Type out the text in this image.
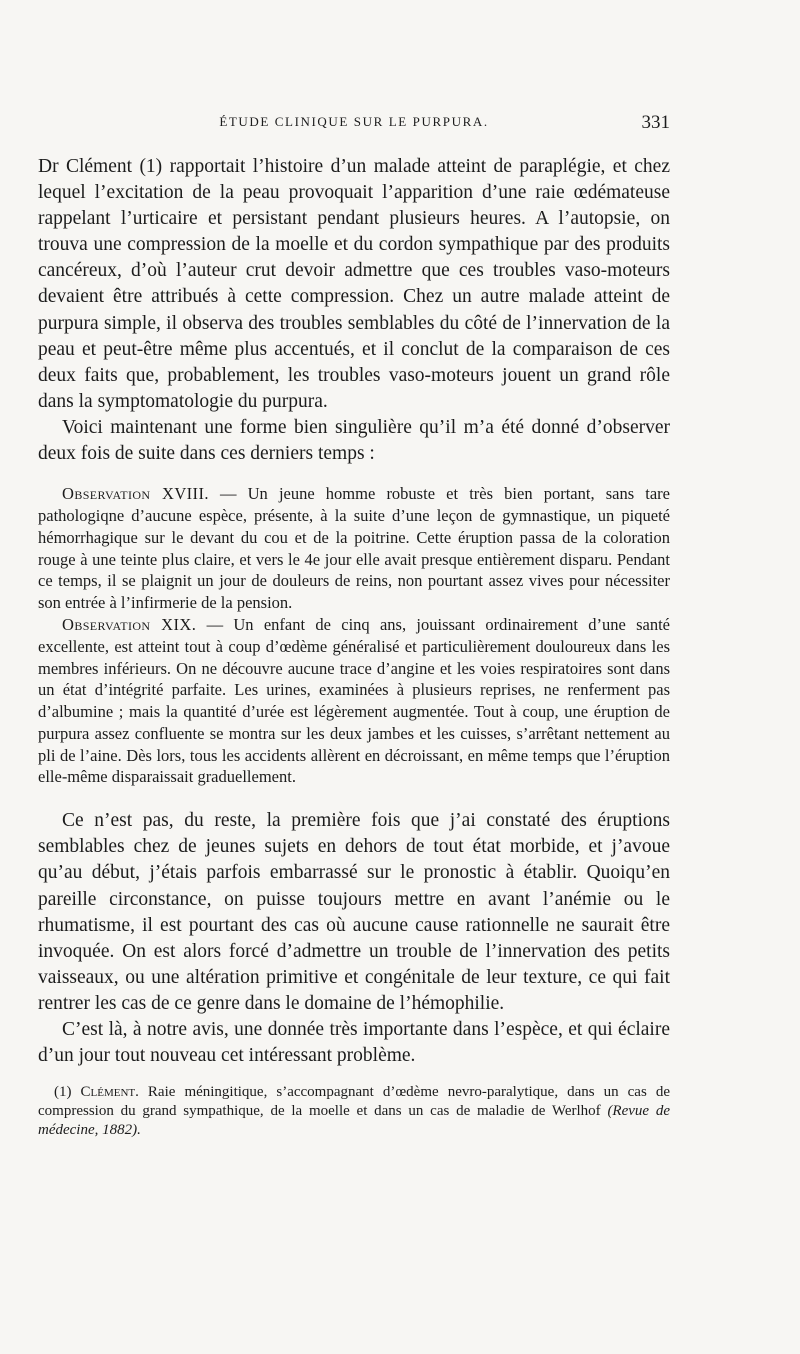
ÉTUDE CLINIQUE SUR LE PURPURA.	331

Dr Clément (1) rapportait l’histoire d’un malade atteint de paraplégie, et chez lequel l’excitation de la peau provoquait l’apparition d’une raie œdémateuse rappelant l’urticaire et persistant pendant plusieurs heures. A l’autopsie, on trouva une compression de la moelle et du cordon sympathique par des produits cancéreux, d’où l’auteur crut devoir admettre que ces troubles vaso-moteurs devaient être attribués à cette compression. Chez un autre malade atteint de purpura simple, il observa des troubles semblables du côté de l’innervation de la peau et peut-être même plus accentués, et il conclut de la comparaison de ces deux faits que, probablement, les troubles vaso-moteurs jouent un grand rôle dans la symptomatologie du purpura.

Voici maintenant une forme bien singulière qu’il m’a été donné d’observer deux fois de suite dans ces derniers temps :

Observation XVIII. — Un jeune homme robuste et très bien portant, sans tare pathologiqne d’aucune espèce, présente, à la suite d’une leçon de gymnastique, un piqueté hémorrhagique sur le devant du cou et de la poitrine. Cette éruption passa de la coloration rouge à une teinte plus claire, et vers le 4e jour elle avait presque entièrement disparu. Pendant ce temps, il se plaignit un jour de douleurs de reins, non pourtant assez vives pour nécessiter son entrée à l’infirmerie de la pension.

Observation XIX. — Un enfant de cinq ans, jouissant ordinairement d’une santé excellente, est atteint tout à coup d’œdème généralisé et particulièrement douloureux dans les membres inférieurs. On ne découvre aucune trace d’angine et les voies respiratoires sont dans un état d’intégrité parfaite. Les urines, examinées à plusieurs reprises, ne renferment pas d’albumine ; mais la quantité d’urée est légèrement augmentée. Tout à coup, une éruption de purpura assez confluente se montra sur les deux jambes et les cuisses, s’arrêtant nettement au pli de l’aine. Dès lors, tous les accidents allèrent en décroissant, en même temps que l’éruption elle-même disparaissait graduellement.

Ce n’est pas, du reste, la première fois que j’ai constaté des éruptions semblables chez de jeunes sujets en dehors de tout état morbide, et j’avoue qu’au début, j’étais parfois embarrassé sur le pronostic à établir. Quoiqu’en pareille circonstance, on puisse toujours mettre en avant l’anémie ou le rhumatisme, il est pourtant des cas où aucune cause rationnelle ne saurait être invoquée. On est alors forcé d’admettre un trouble de l’innervation des petits vaisseaux, ou une altération primitive et congénitale de leur texture, ce qui fait rentrer les cas de ce genre dans le domaine de l’hémophilie.

C’est là, à notre avis, une donnée très importante dans l’espèce, et qui éclaire d’un jour tout nouveau cet intéressant problème.

(1) Clément. Raie méningitique, s’accompagnant d’œdème nevro-paralytique, dans un cas de compression du grand sympathique, de la moelle et dans un cas de maladie de Werlhof (Revue de médecine, 1882).
